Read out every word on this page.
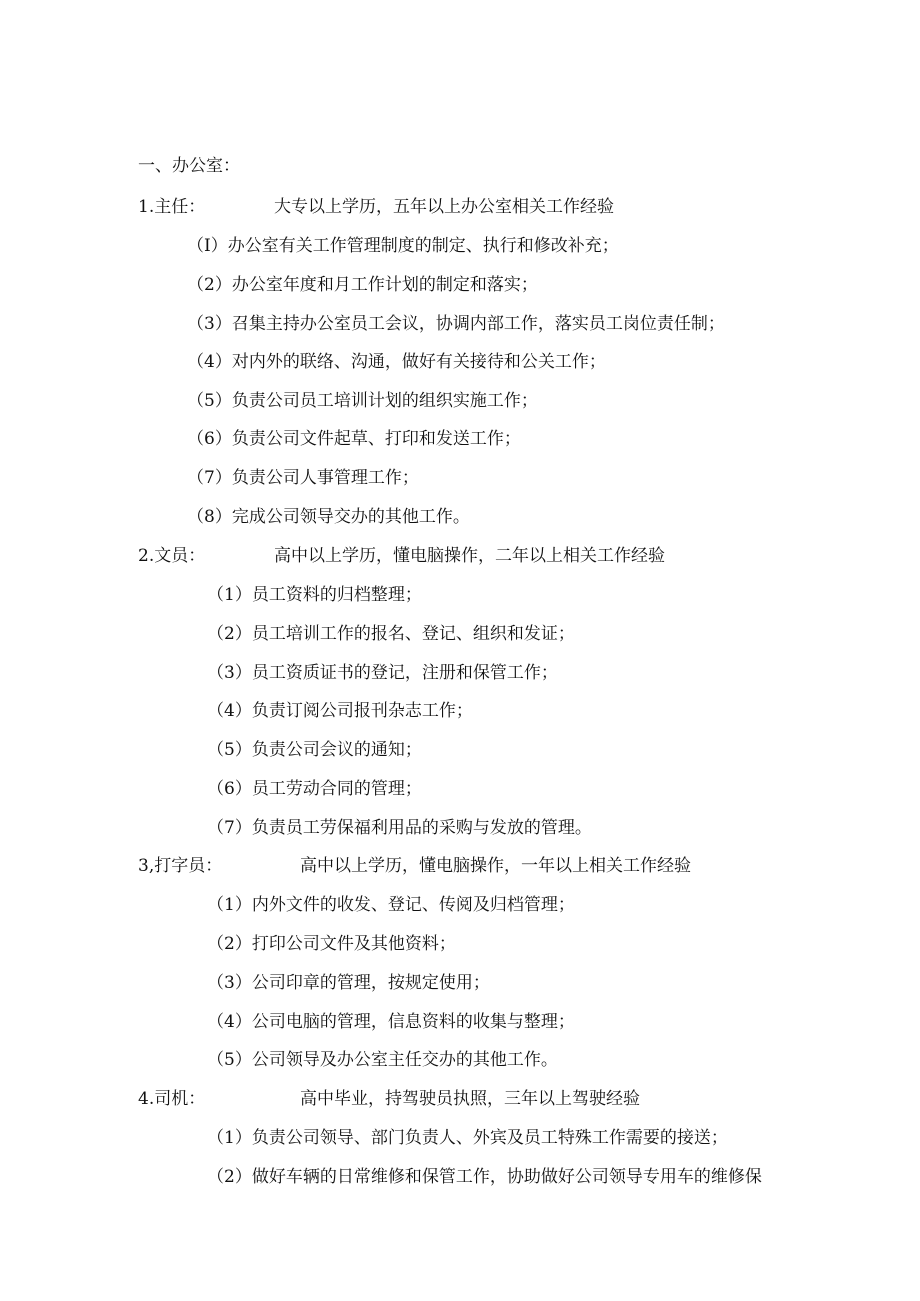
一、办公室：
1.主任：	大专以上学历，五年以上办公室相关工作经验
（I）办公室有关工作管理制度的制定、执行和修改补充；
（2）办公室年度和月工作计划的制定和落实；
（3）召集主持办公室员工会议，协调内部工作，落实员工岗位责任制；
（4）对内外的联络、沟通，做好有关接待和公关工作；
（5）负责公司员工培训计划的组织实施工作；
（6）负责公司文件起草、打印和发送工作；
（7）负责公司人事管理工作；
（8）完成公司领导交办的其他工作。
2.文员：	高中以上学历，懂电脑操作，二年以上相关工作经验
（1）员工资料的归档整理；
（2）员工培训工作的报名、登记、组织和发证；
（3）员工资质证书的登记，注册和保管工作；
（4）负责订阅公司报刊杂志工作；
（5）负责公司会议的通知；
（6）员工劳动合同的管理；
（7）负责员工劳保福利用品的采购与发放的管理。
3,打字员：	高中以上学历，懂电脑操作，一年以上相关工作经验
（1）内外文件的收发、登记、传阅及归档管理；
（2）打印公司文件及其他资料；
（3）公司印章的管理，按规定使用；
（4）公司电脑的管理，信息资料的收集与整理；
（5）公司领导及办公室主任交办的其他工作。
4.司机：	高中毕业，持驾驶员执照，三年以上驾驶经验
（1）负责公司领导、部门负责人、外宾及员工特殊工作需要的接送；
（2）做好车辆的日常维修和保管工作，协助做好公司领导专用车的维修保
